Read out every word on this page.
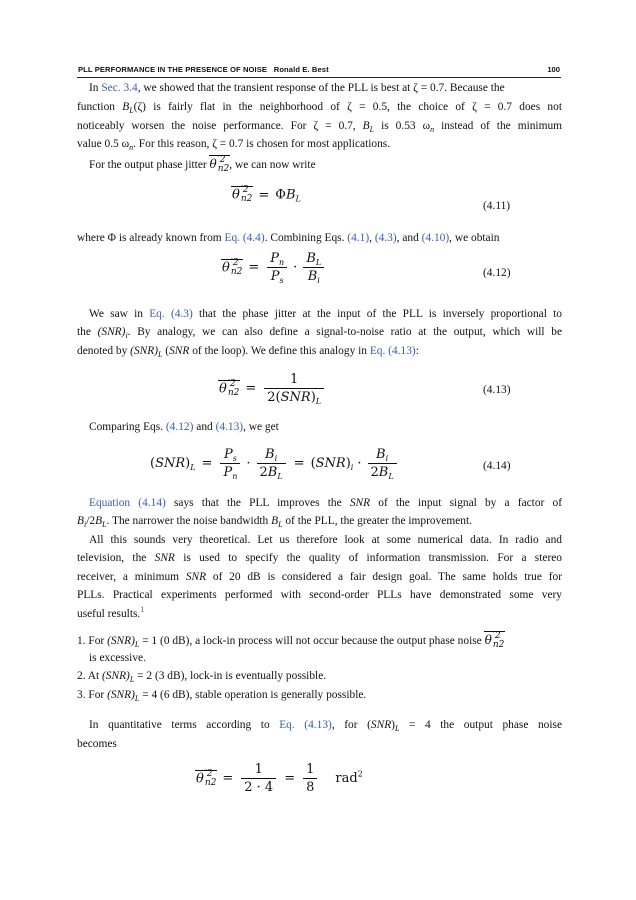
PLL PERFORMANCE IN THE PRESENCE OF NOISE Ronald E. Best	100
In Sec. 3.4, we showed that the transient response of the PLL is best at ζ = 0.7. Because the
function $B_L(\zeta)$ is fairly flat in the neighborhood of ζ = 0.5, the choice of ζ = 0.7 does not
noticeably worsen the noise performance. For ζ = 0.7, $B_L$ is 0.53 $\omega_n$ instead of the minimum
value 0.5 $\omega_n$. For this reason, ζ = 0.7 is chosen for most applications.
For the output phase jitter
θ ′2
n2 , we can now write
θ ′2
$n2 = \Phi B_L$
(4.11)
where Φ is already known from Eq. (4.4). Combining Eqs. (4.1), (4.3), and (4.10), we obtain
θ ′2
$n2 = \frac{P_n}{P_s} \cdot \frac{B_L}{B_i}$	(4.12)
We saw in Eq. (4.3) that the phase jitter at the input of the PLL is inversely proportional to
the $(SNR)_i$. By analogy, we can also define a signal-to-noise ratio at the output, which will be
denoted by $(SNR)_L$ (SNR of the loop). We define this analogy in Eq. (4.13):
θ ′2
$n2 = \frac{1}{2(SNR)_L}$	(4.13)
Comparing Eqs. (4.12) and (4.13), we get
$(SNR)_L = \frac{P_s}{P_n} \cdot \frac{B_i}{2B_L} = (SNR)_i \cdot \frac{B_i}{2B_L}$	(4.14)
Equation (4.14) says that the PLL improves the SNR of the input signal by a factor of
$B_i/2B_L$. The narrower the noise bandwidth $B_L$ of the PLL, the greater the improvement.
All this sounds very theoretical. Let us therefore look at some numerical data. In radio and
television, the SNR is used to specify the quality of information transmission. For a stereo
receiver, a minimum SNR of 20 dB is considered a fair design goal. The same holds true for
PLLs. Practical experiments performed with second-order PLLs have demonstrated some very
useful results.$^1$
1. For $(SNR)_L = 1$ (0 dB), a lock-in process will not occur because the output phase noise
θ ′2
n2
is excessive.
2. At $(SNR)_L = 2$ (3 dB), lock-in is eventually possible.
3. For $(SNR)_L = 4$ (6 dB), stable operation is generally possible.
In quantitative terms according to Eq. (4.13), for $(SNR)_L = 4$ the output phase noise
becomes
θ ′2
$n2 = \frac{1}{2 \cdot 4} = \frac{1}{8} rad^2$
